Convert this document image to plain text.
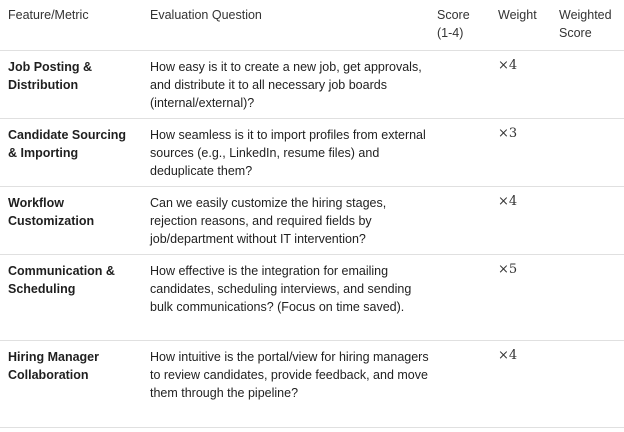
Feature/Metric	Evaluation Question	Score (1-4)
Weight Weighted Score
Job Posting & Distribution
How easy is it to create a new job, get approvals, and distribute it to all necessary job boards (internal/external)?
×4
Candidate Sourcing & Importing
How seamless is it to import profiles from external sources (e.g., LinkedIn, resume files) and deduplicate them?
×3
Workflow Customization
Can we easily customize the hiring stages, rejection reasons, and required fields by job/department without IT intervention?
×4
Communication & Scheduling
How effective is the integration for emailing candidates, scheduling interviews, and sending bulk communications? (Focus on time saved).
×5
Hiring Manager Collaboration
How intuitive is the portal/view for hiring managers to review candidates, provide feedback, and move them through the pipeline?
×4
